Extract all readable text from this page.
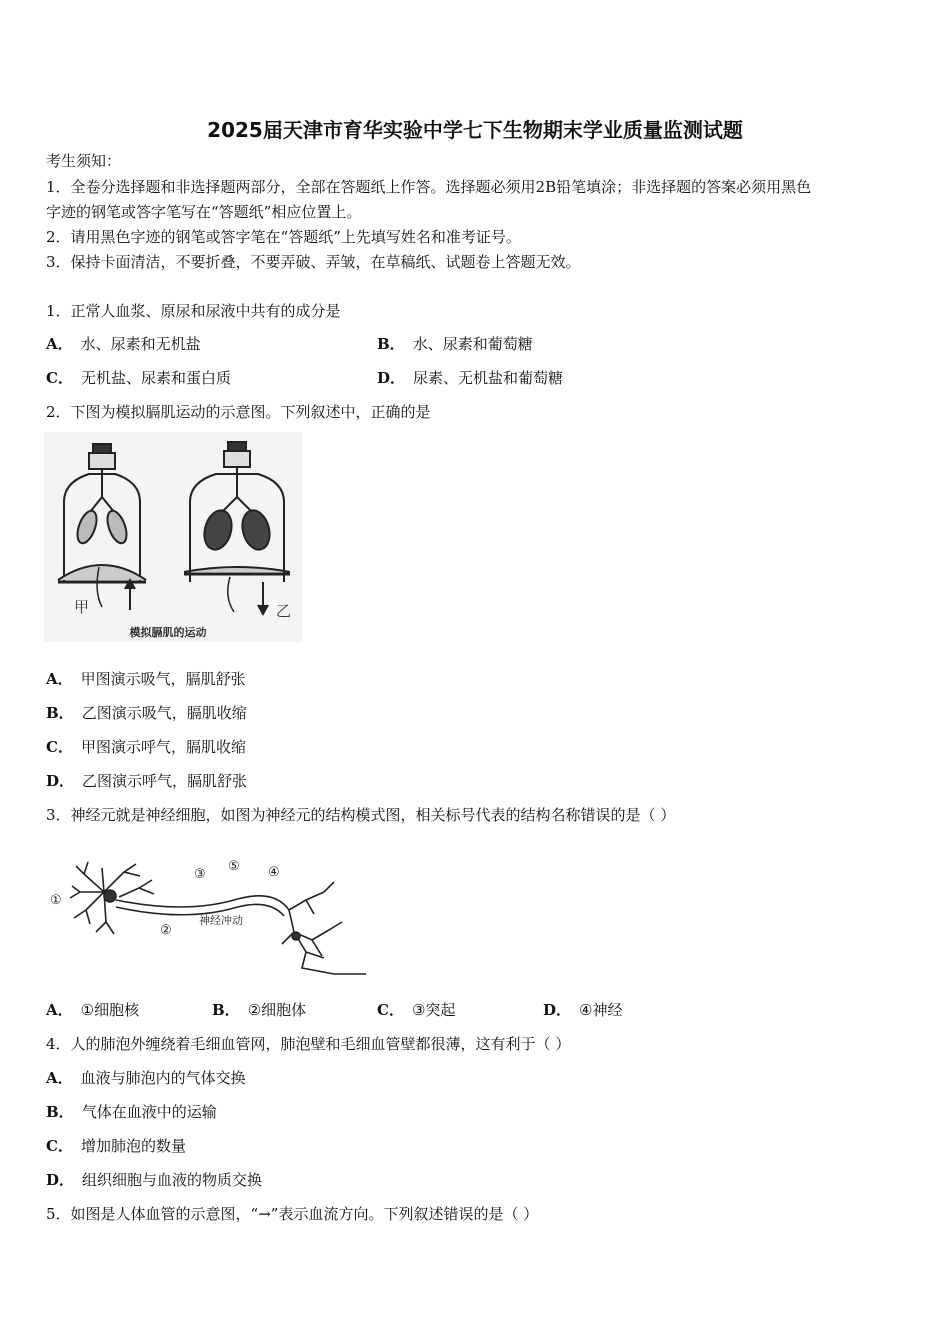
2025届天津市育华实验中学七下生物期末学业质量监测试题
考生须知：
1．全卷分选择题和非选择题两部分，全部在答题纸上作答。选择题必须用2B铅笔填涂；非选择题的答案必须用黑色
字迹的钢笔或答字笔写在“答题纸”相应位置上。
2．请用黑色字迹的钢笔或答字笔在“答题纸”上先填写姓名和准考证号。
3．保持卡面清洁，不要折叠，不要弄破、弄皱，在草稿纸、试题卷上答题无效。
1．正常人血浆、原尿和尿液中共有的成分是
A． 水、尿素和无机盐	B． 水、尿素和葡萄糖
C． 无机盐、尿素和蛋白质	D． 尿素、无机盐和葡萄糖
2．下图为模拟膈肌运动的示意图。下列叙述中，正确的是
甲	乙
模拟膈肌的运动
A． 甲图演示吸气，膈肌舒张
B． 乙图演示吸气，膈肌收缩
C． 甲图演示呼气，膈肌收缩
D． 乙图演示呼气，膈肌舒张
3．神经元就是神经细胞，如图为神经元的结构模式图，相关标号代表的结构名称错误的是（ ）
神经冲动
①
②
③
⑤ ④
A． ①细胞核	B． ②细胞体	C． ③突起	D． ④神经
4．人的肺泡外缠绕着毛细血管网，肺泡壁和毛细血管壁都很薄，这有利于（ ）
A． 血液与肺泡内的气体交换
B． 气体在血液中的运输
C． 增加肺泡的数量
D． 组织细胞与血液的物质交换
5．如图是人体血管的示意图，“→”表示血流方向。下列叙述错误的是（ ）
